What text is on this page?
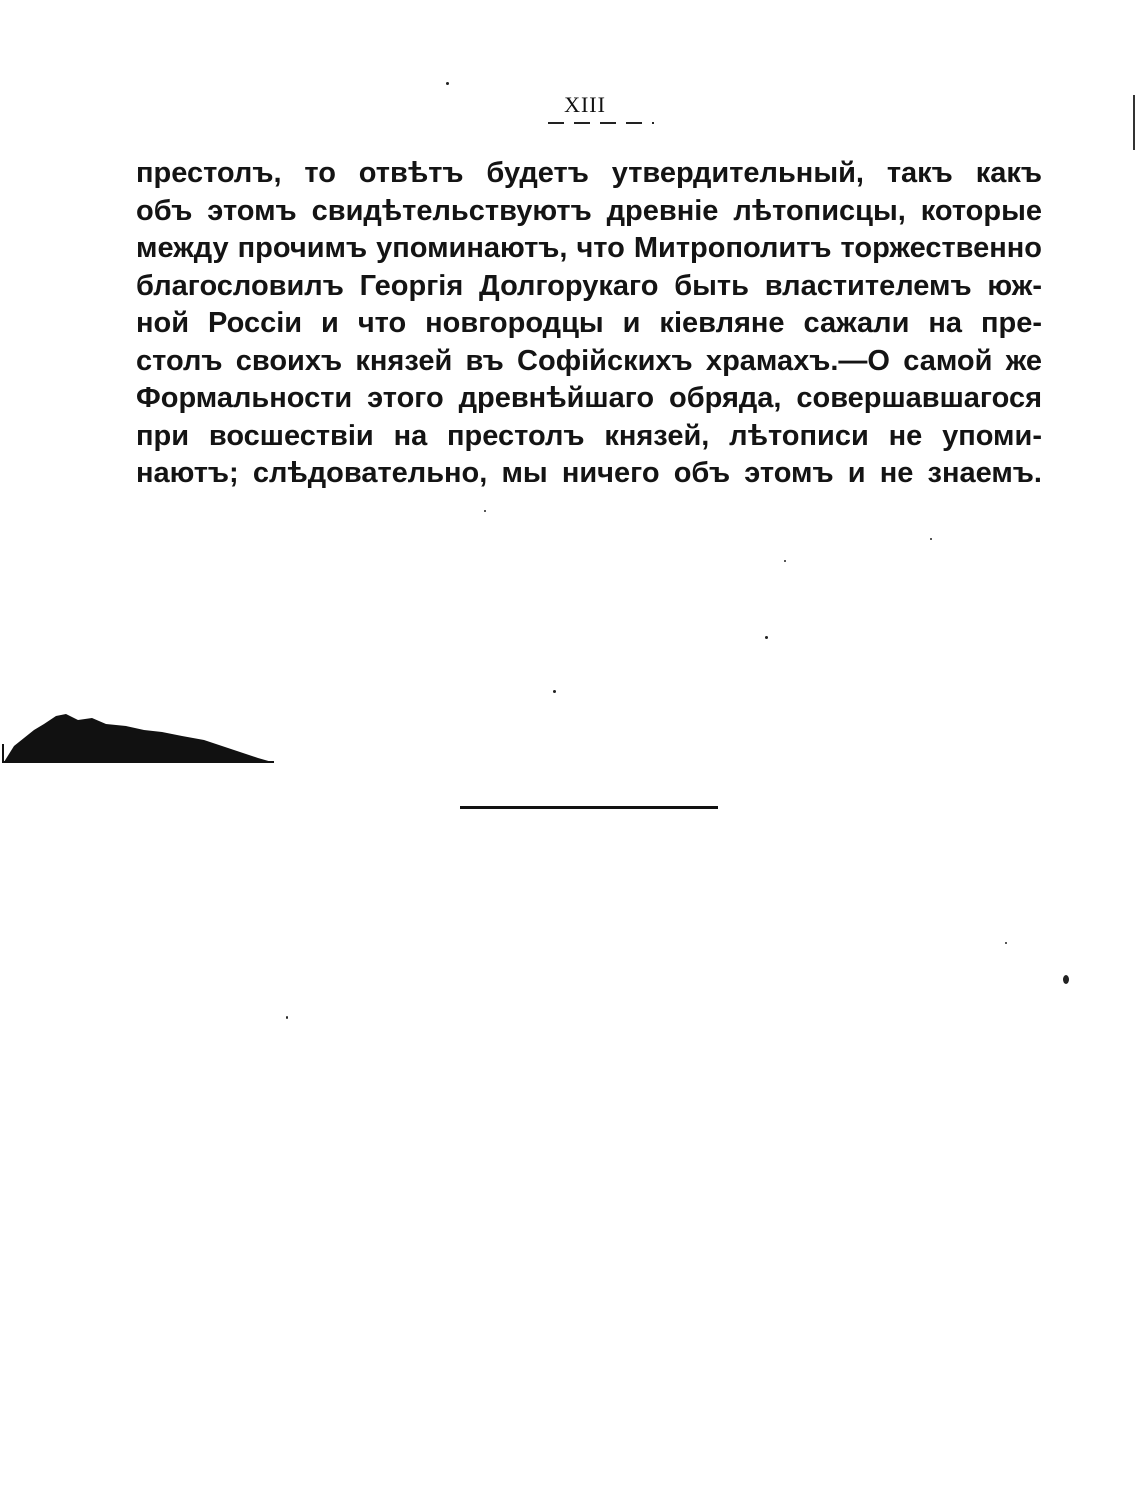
XIII
престолъ, то отвѣтъ будетъ утвердительный, такъ какъ
объ этомъ свидѣтельствуютъ древніе лѣтописцы, которые
между прочимъ упоминаютъ, что Митрополитъ торжественно
благословилъ Георгія Долгорукаго быть властителемъ юж-
ной Россіи и что новгородцы и кіевляне сажали на пре-
столъ своихъ князей въ Софійскихъ храмахъ.—О самой же
Формальности этого древнѣйшаго обряда, совершавшагося
при восшествіи на престолъ князей, лѣтописи не упоми-
наютъ; слѣдовательно, мы ничего объ этомъ и не знаемъ.
